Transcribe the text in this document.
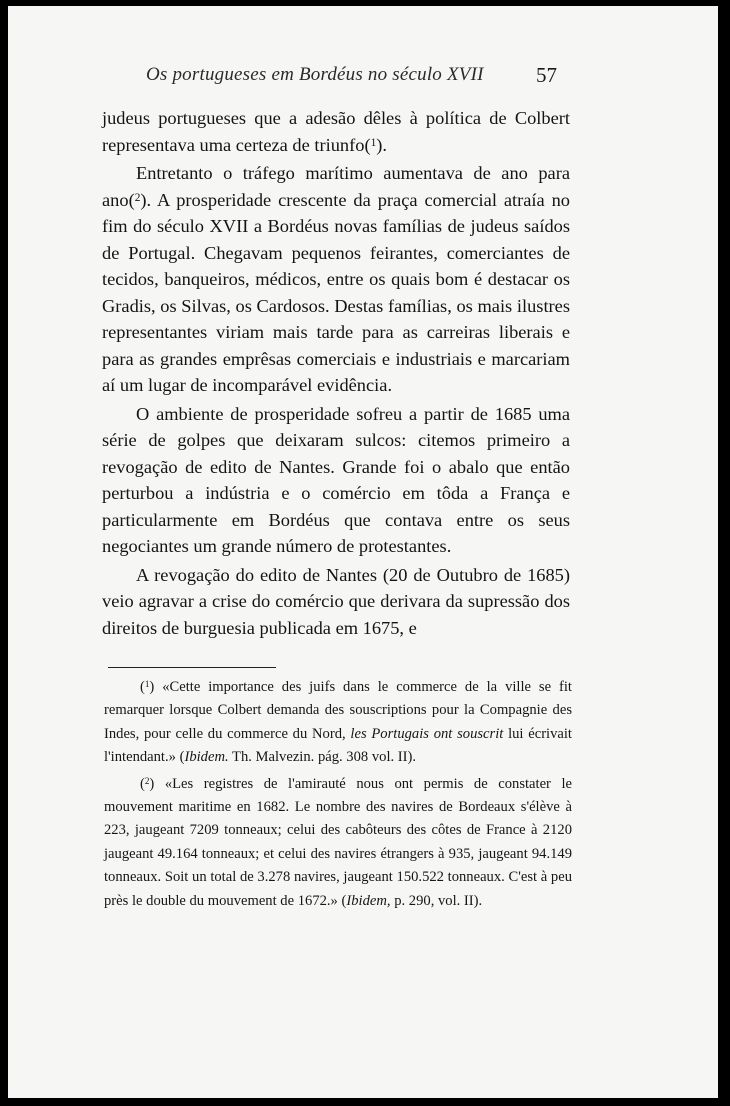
Os portugueses em Bordéus no século XVII 57

judeus portugueses que a adesão dêles à política de Colbert representava uma certeza de triunfo($^1$).

Entretanto o tráfego marítimo aumentava de ano para ano($^2$). A prosperidade crescente da praça comercial atraía no fim do século XVII a Bordéus novas famílias de judeus saídos de Portugal. Chegavam pequenos feirantes, comerciantes de tecidos, banqueiros, médicos, entre os quais bom é destacar os Gradis, os Silvas, os Cardosos. Destas famílias, os mais ilustres representantes viriam mais tarde para as carreiras liberais e para as grandes emprêsas comerciais e industriais e marcariam aí um lugar de incomparável evidência.

O ambiente de prosperidade sofreu a partir de 1685 uma série de golpes que deixaram sulcos: citemos primeiro a revogação de edito de Nantes. Grande foi o abalo que então perturbou a indústria e o comércio em tôda a França e particularmente em Bordéus que contava entre os seus negociantes um grande número de protestantes.

A revogação do edito de Nantes (20 de Outubro de 1685) veio agravar a crise do comércio que derivara da supressão dos direitos de burguesia publicada em 1675, e

($^1$) «Cette importance des juifs dans le commerce de la ville se fit remarquer lorsque Colbert demanda des souscriptions pour la Compagnie des Indes, pour celle du commerce du Nord, les Portugais ont souscrit lui écrivait l'intendant.» (Ibidem. Th. Malvezin. pág. 308 vol. II).

($^2$) «Les registres de l'amirauté nous ont permis de constater le mouvement maritime en 1682. Le nombre des navires de Bordeaux s'élève à 223, jaugeant 7209 tonneaux; celui des cabôteurs des côtes de France à 2120 jaugeant 49.164 tonneaux; et celui des navires étrangers à 935, jaugeant 94.149 tonneaux. Soit un total de 3.278 navires, jaugeant 150.522 tonneaux. C'est à peu près le double du mouvement de 1672.» (Ibidem, p. 290, vol. II).
